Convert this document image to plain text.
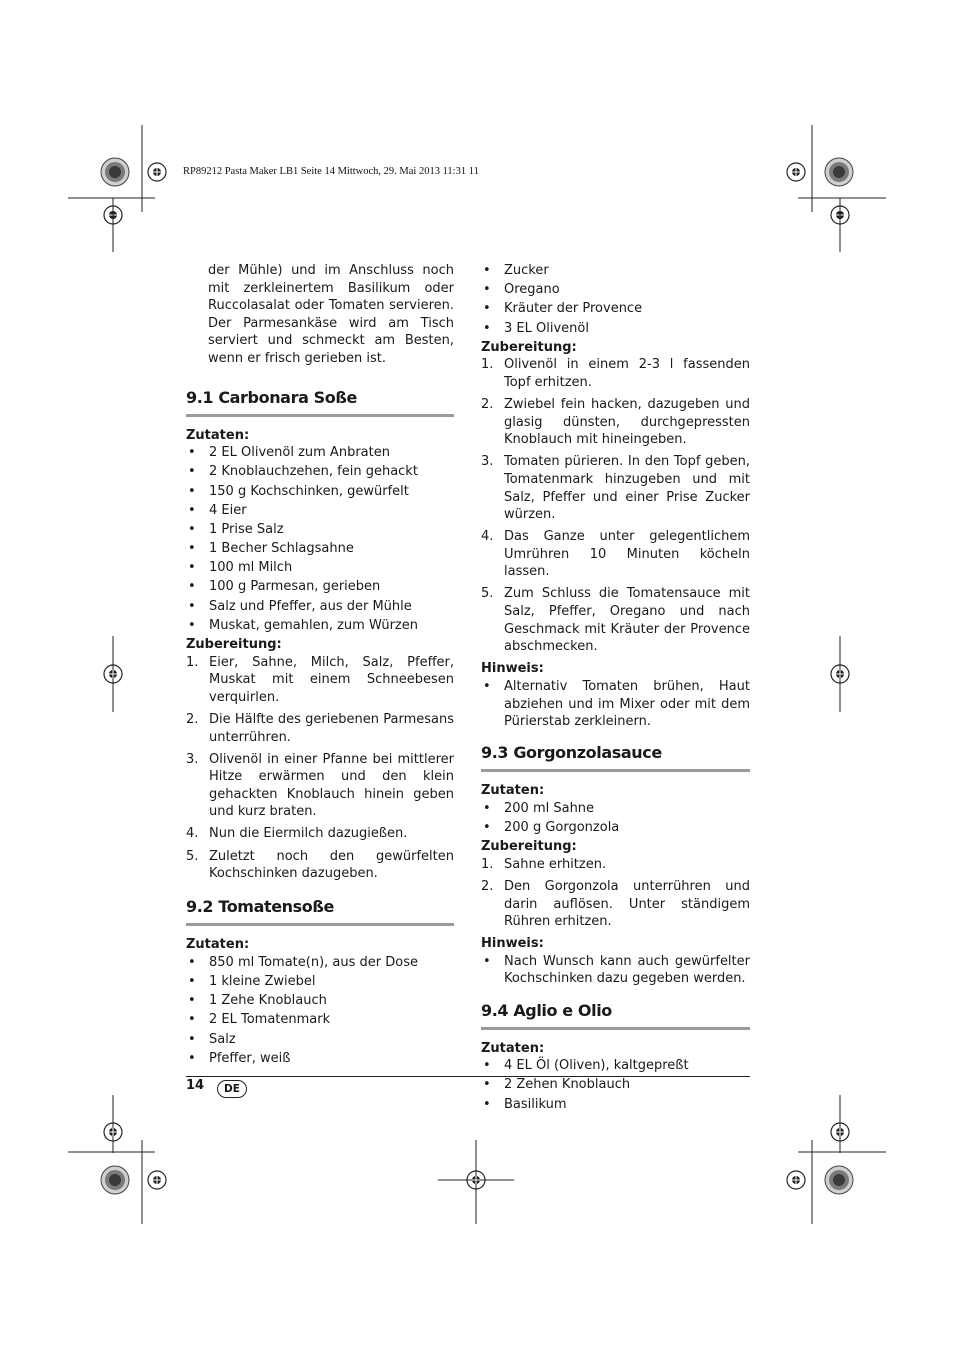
RP89212 Pasta Maker LB1 Seite 14 Mittwoch, 29. Mai 2013 11:31 11

der Mühle) und im Anschluss noch mit zerkleinertem Basilikum oder Ruccolasalat oder Tomaten servieren. Der Parmesankäse wird am Tisch serviert und schmeckt am Besten, wenn er frisch gerieben ist.

9.1 Carbonara Soße

Zutaten:

• 2 EL Olivenöl zum Anbraten
• 2 Knoblauchzehen, fein gehackt
• 150 g Kochschinken, gewürfelt
• 4 Eier
• 1 Prise Salz
• 1 Becher Schlagsahne
• 100 ml Milch
• 100 g Parmesan, gerieben
• Salz und Pfeffer, aus der Mühle
• Muskat, gemahlen, zum Würzen

Zubereitung:

1. Eier, Sahne, Milch, Salz, Pfeffer, Muskat mit einem Schneebesen verquirlen.
2. Die Hälfte des geriebenen Parmesans unterrühren.
3. Olivenöl in einer Pfanne bei mittlerer Hitze erwärmen und den klein gehackten Knoblauch hinein geben und kurz braten.
4. Nun die Eiermilch dazugießen.
5. Zuletzt noch den gewürfelten Kochschinken dazugeben.
9.2 Tomatensoße

Zutaten:

• 850 ml Tomate(n), aus der Dose
• 1 kleine Zwiebel
• 1 Zehe Knoblauch
• 2 EL Tomatenmark
• Salz
• Pfeffer, weiß
• Zucker
• Oregano
• Kräuter der Provence
• 3 EL Olivenöl

Zubereitung:

1. Olivenöl in einem 2-3 l fassenden Topf erhitzen.
2. Zwiebel fein hacken, dazugeben und glasig dünsten, durchgepressten Knoblauch mit hineingeben.
3. Tomaten pürieren. In den Topf geben, Tomatenmark hinzugeben und mit Salz, Pfeffer und einer Prise Zucker würzen.
4. Das Ganze unter gelegentlichem Umrühren 10 Minuten köcheln lassen.
5. Zum Schluss die Tomatensauce mit Salz, Pfeffer, Oregano und nach Geschmack mit Kräuter der Provence abschmecken.

Hinweis:

• Alternativ Tomaten brühen, Haut abziehen und im Mixer oder mit dem Pürierstab zerkleinern.
9.3 Gorgonzolasauce

Zutaten:

• 200 ml Sahne
• 200 g Gorgonzola

Zubereitung:

1. Sahne erhitzen.
2. Den Gorgonzola unterrühren und darin auflösen. Unter ständigem Rühren erhitzen.

Hinweis:

• Nach Wunsch kann auch gewürfelter Kochschinken dazu gegeben werden.
9.4 Aglio e Olio

Zutaten:

• 4 EL Öl (Oliven), kaltgepreßt
• 2 Zehen Knoblauch
• Basilikum
14	DE
